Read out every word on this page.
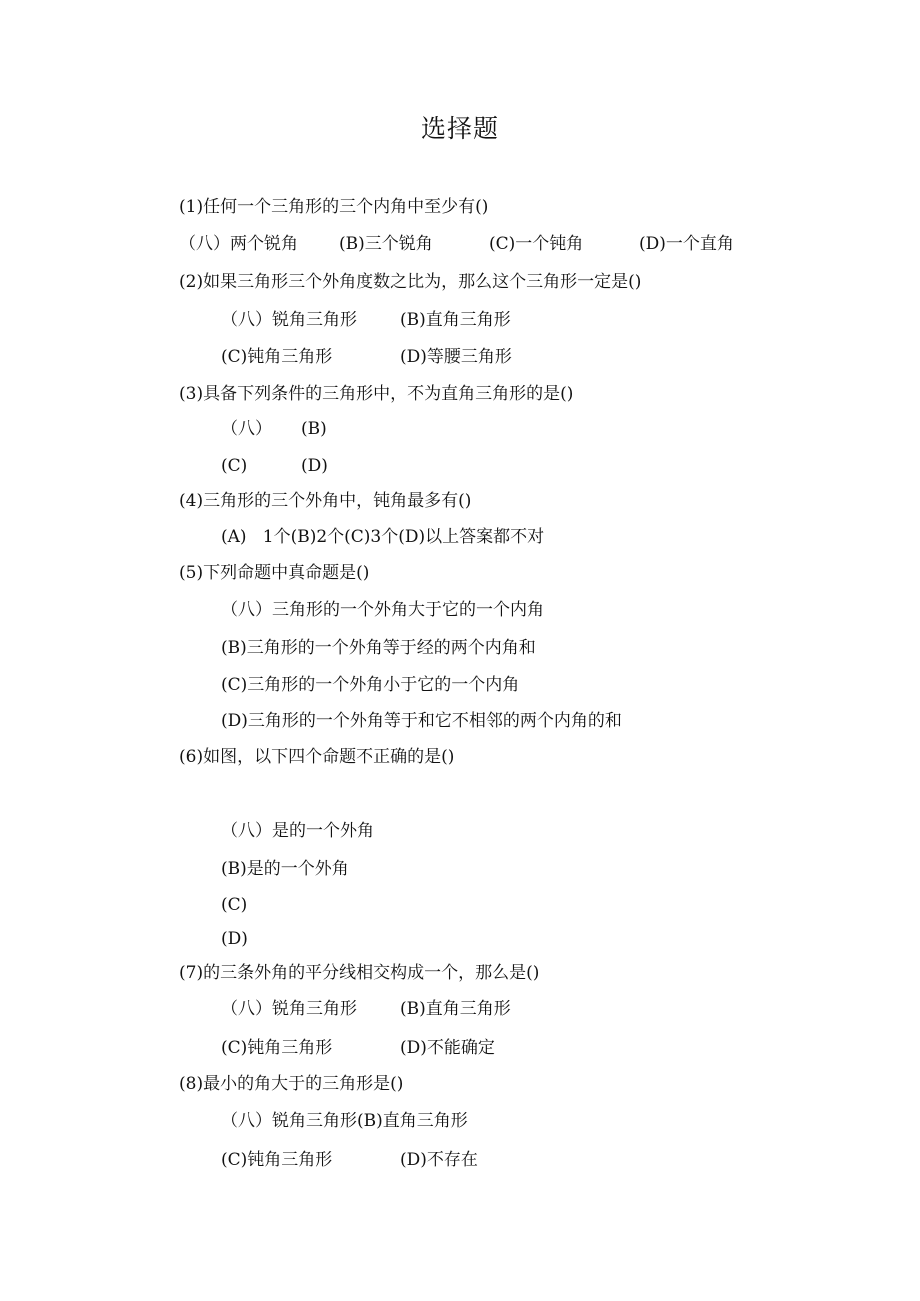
选择题
(1)任何一个三角形的三个内角中至少有()
（八）两个锐角 (B)三个锐角	(C)一个钝角	(D)一个直角
(2)如果三角形三个外角度数之比为，那么这个三角形一定是()
（八）锐角三角形	(B)直角三角形
(C)钝角三角形	(D)等腰三角形
(3)具备下列条件的三角形中，不为直角三角形的是()
（八） (B)
(C)	(D)
(4)三角形的三个外角中，钝角最多有()
(A)   1个(B)2个(C)3个(D)以上答案都不对
(5)下列命题中真命题是()
（八）三角形的一个外角大于它的一个内角
(B)三角形的一个外角等于经的两个内角和
(C)三角形的一个外角小于它的一个内角
(D)三角形的一个外角等于和它不相邻的两个内角的和
(6)如图，以下四个命题不正确的是()
（八）是的一个外角
(B)是的一个外角
(C)
(D)
(7)的三条外角的平分线相交构成一个，那么是()
（八）锐角三角形	(B)直角三角形
(C)钝角三角形	(D)不能确定
(8)最小的角大于的三角形是()
（八）锐角三角形(B)直角三角形
(C)钝角三角形	(D)不存在
